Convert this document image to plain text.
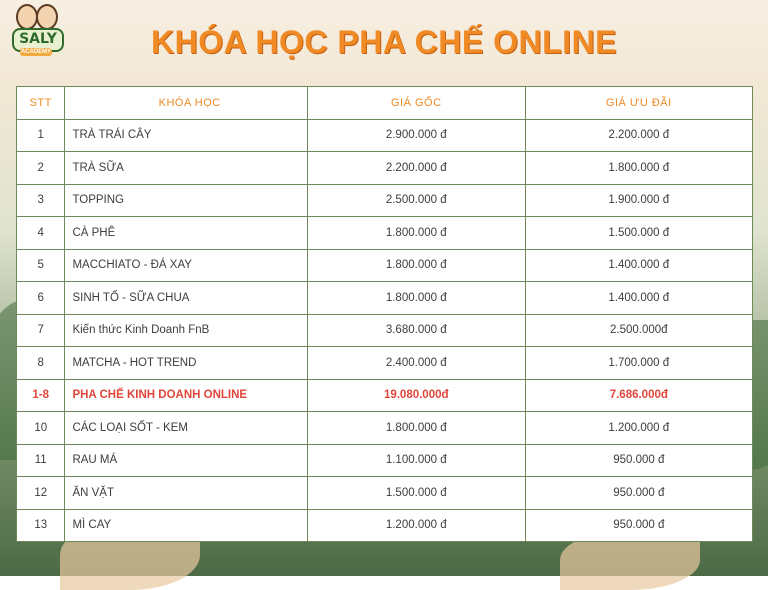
SALY
ACADEMY	KHÓA HỌC PHA CHẾ ONLINE
STT	KHÓA HỌC	GIÁ GỐC	GIÁ ƯU ĐÃI
1	TRÀ TRÁI CÂY	2.900.000 đ	2.200.000 đ
2	TRÀ SỮA	2.200.000 đ	1.800.000 đ
3	TOPPING	2.500.000 đ	1.900.000 đ
4	CÀ PHÊ	1.800.000 đ	1.500.000 đ
5	MACCHIATO - ĐÁ XAY	1.800.000 đ	1.400.000 đ
6	SINH TỐ - SỮA CHUA	1.800.000 đ	1.400.000 đ
7	Kiến thức Kinh Doanh FnB	3.680.000 đ	2.500.000đ
8	MATCHA - HOT TREND	2.400.000 đ	1.700.000 đ
1-8	PHA CHẾ KINH DOANH ONLINE	19.080.000đ	7.686.000đ
10	CÁC LOẠI SỐT - KEM	1.800.000 đ	1.200.000 đ
11	RAU MÁ	1.100.000 đ	950.000 đ
12	ĂN VẶT	1.500.000 đ	950.000 đ
13	MÌ CAY	1.200.000 đ	950.000 đ
